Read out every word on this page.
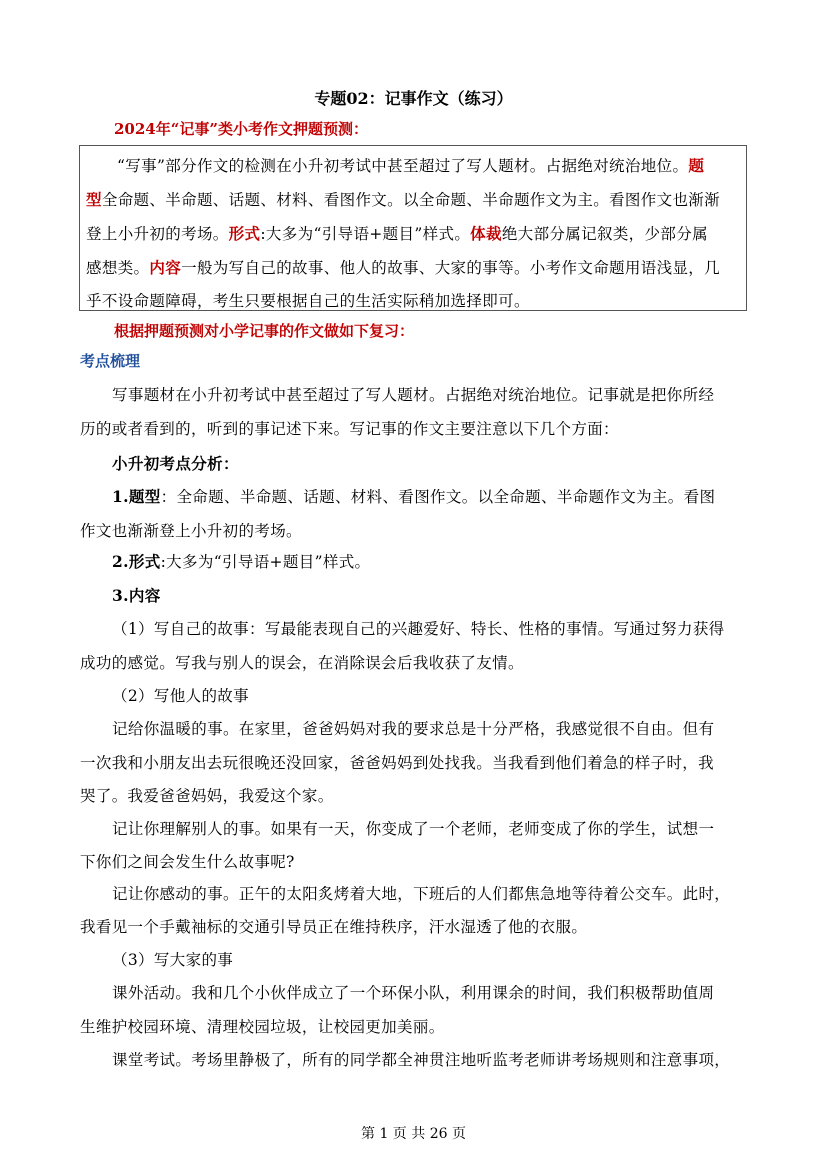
专题02：记事作文（练习）
2024年“记事”类小考作文押题预测：
“写事”部分作文的检测在小升初考试中甚至超过了写人题材。占据绝对统治地位。题
型全命题、半命题、话题、材料、看图作文。以全命题、半命题作文为主。看图作文也渐渐
登上小升初的考场。形式:大多为“引导语+题目”样式。体裁绝大部分属记叙类，少部分属
感想类。内容一般为写自己的故事、他人的故事、大家的事等。小考作文命题用语浅显，几
乎不设命题障碍，考生只要根据自己的生活实际稍加选择即可。
根据押题预测对小学记事的作文做如下复习：
考点梳理
写事题材在小升初考试中甚至超过了写人题材。占据绝对统治地位。记事就是把你所经
历的或者看到的，听到的事记述下来。写记事的作文主要注意以下几个方面：
小升初考点分析：
1.题型：全命题、半命题、话题、材料、看图作文。以全命题、半命题作文为主。看图
作文也渐渐登上小升初的考场。
2.形式:大多为“引导语+题目”样式。
3.内容
（1）写自己的故事：写最能表现自己的兴趣爱好、特长、性格的事情。写通过努力获得
成功的感觉。写我与别人的误会，在消除误会后我收获了友情。
（2）写他人的故事
记给你温暖的事。在家里，爸爸妈妈对我的要求总是十分严格，我感觉很不自由。但有
一次我和小朋友出去玩很晚还没回家，爸爸妈妈到处找我。当我看到他们着急的样子时，我
哭了。我爱爸爸妈妈，我爱这个家。
记让你理解别人的事。如果有一天，你变成了一个老师，老师变成了你的学生，试想一
下你们之间会发生什么故事呢?
记让你感动的事。正午的太阳炙烤着大地，下班后的人们都焦急地等待着公交车。此时，
我看见一个手戴袖标的交通引导员正在维持秩序，汗水湿透了他的衣服。
（3）写大家的事
课外活动。我和几个小伙伴成立了一个环保小队，利用课余的时间，我们积极帮助值周
生维护校园环境、清理校园垃圾，让校园更加美丽。
课堂考试。考场里静极了，所有的同学都全神贯注地听监考老师讲考场规则和注意事项，
第 1 页 共 26 页
